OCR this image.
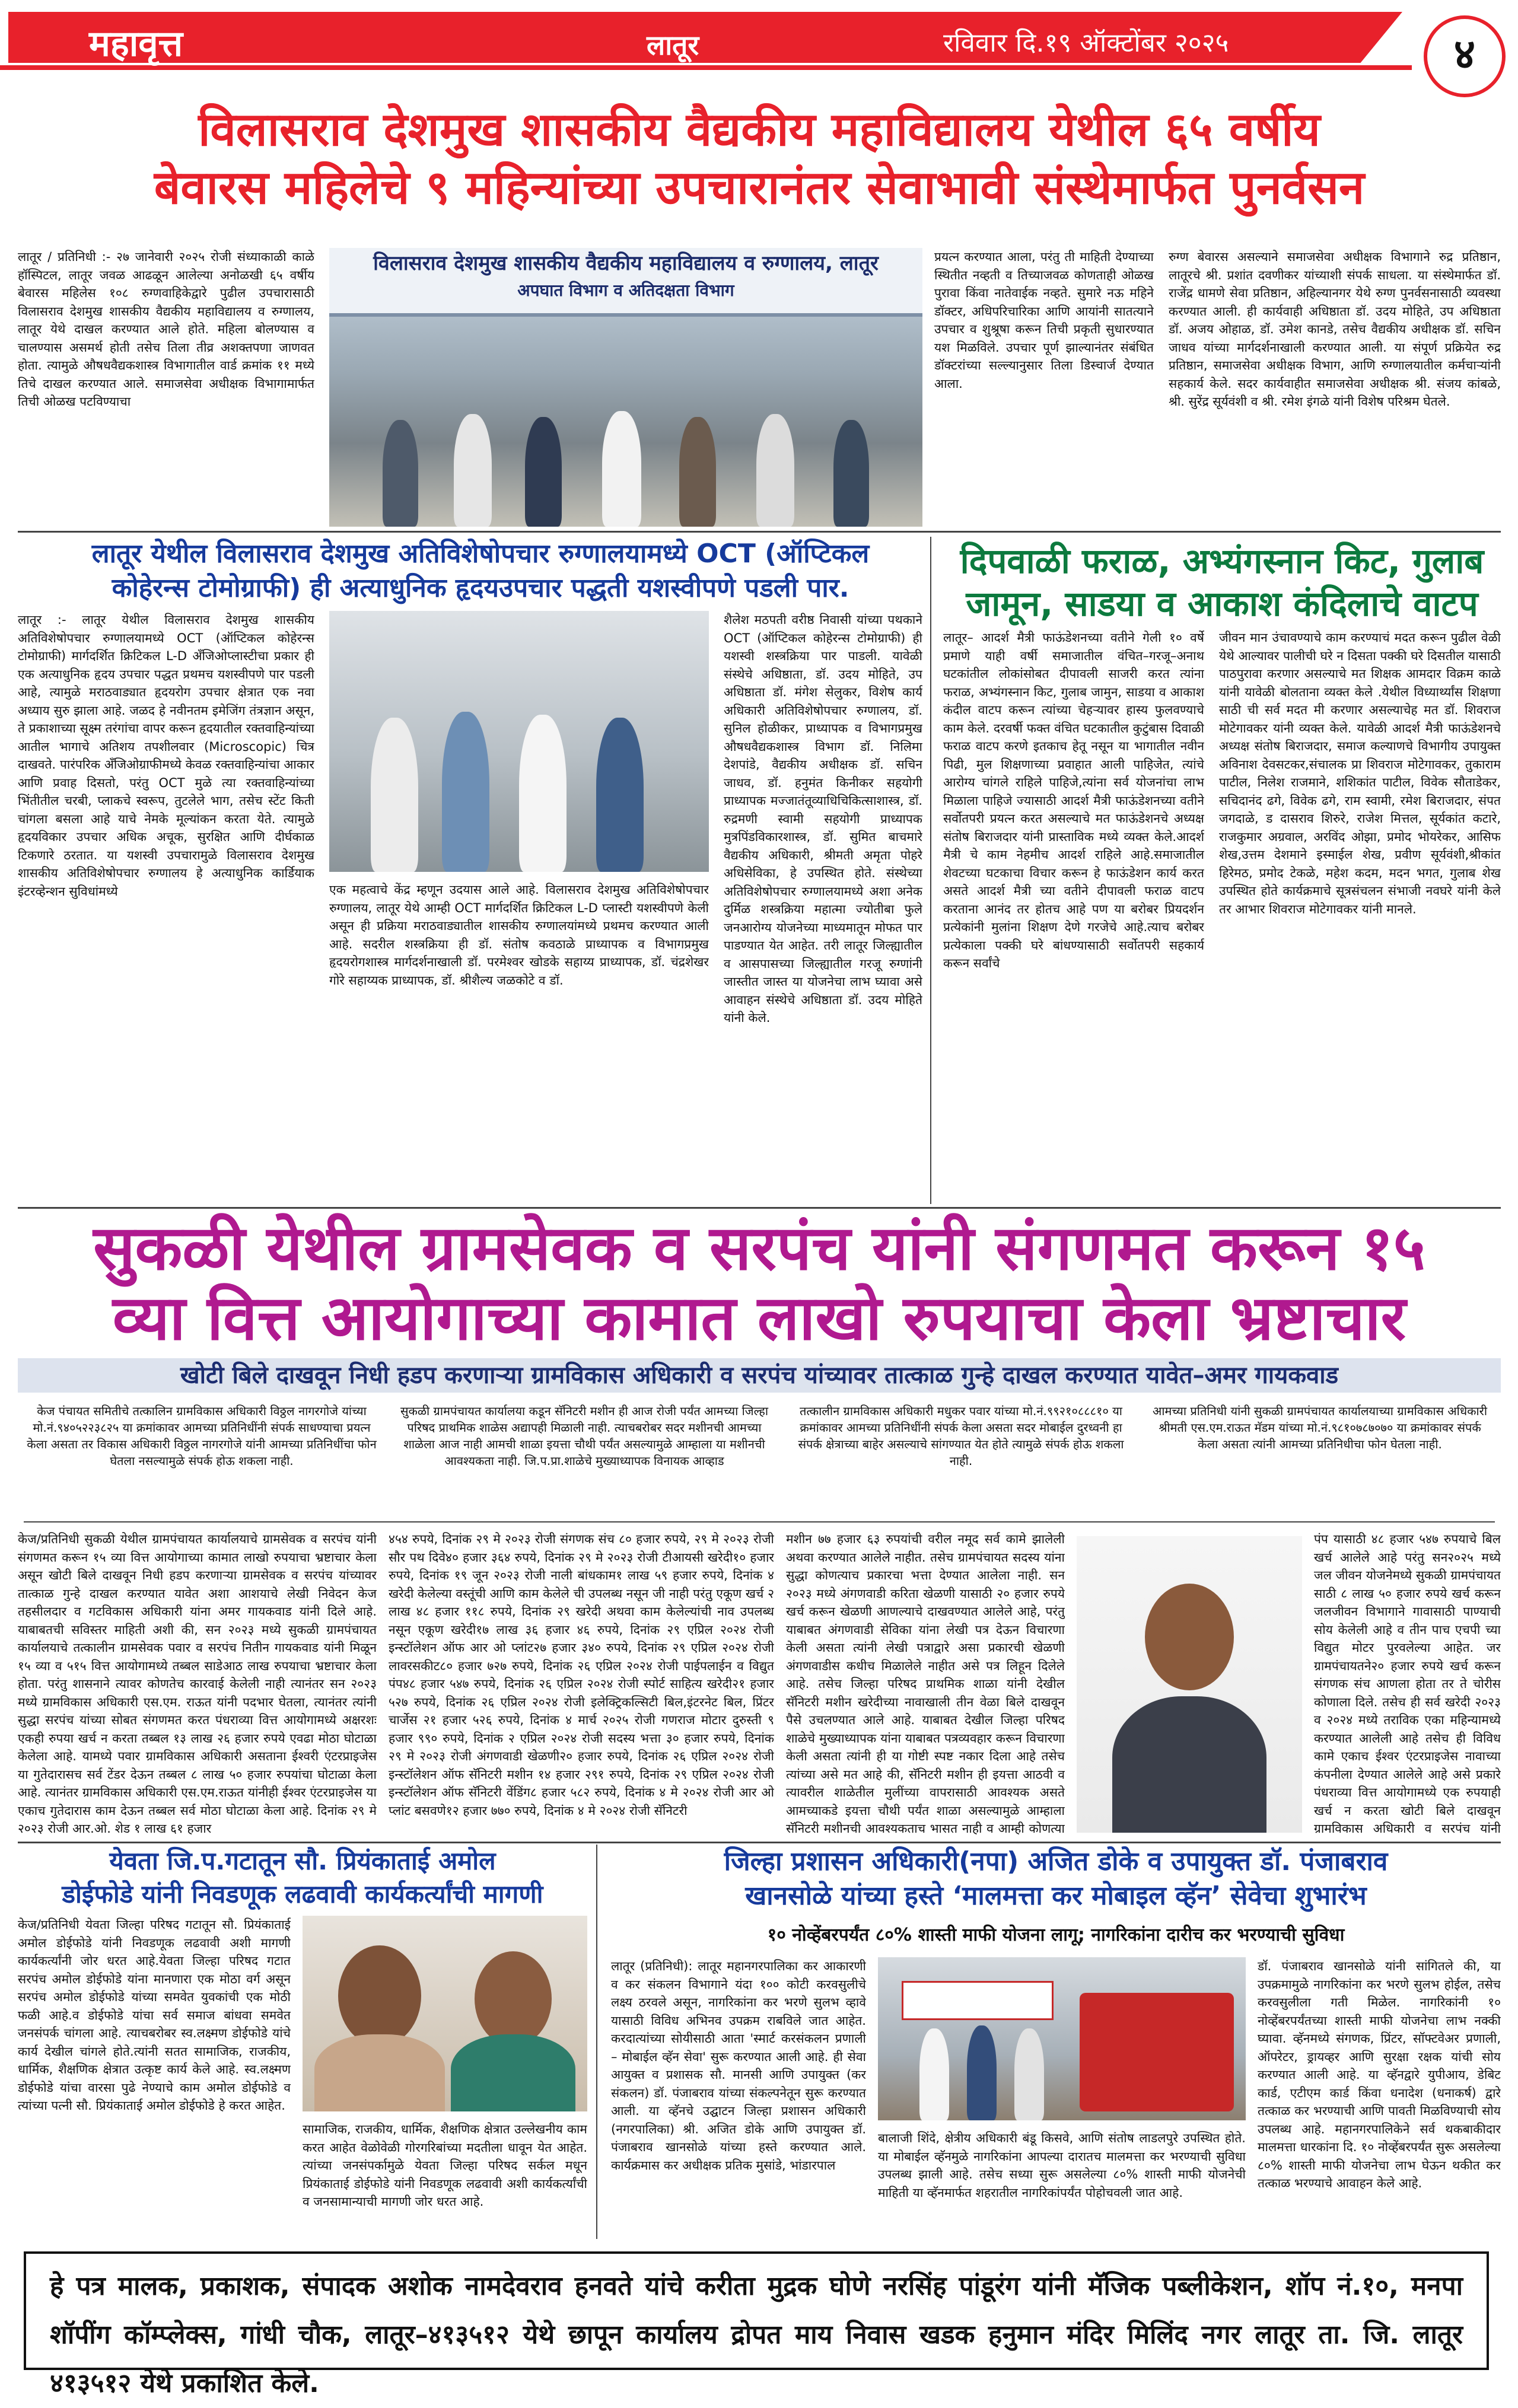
महावृत्त	लातूर	रविवार दि.१९ ऑक्टोंबर २०२५	४
विलासराव देशमुख शासकीय वैद्यकीय महाविद्यालय येथील ६५ वर्षीय
बेवारस महिलेचे ९ महिन्यांच्या उपचारानंतर सेवाभावी संस्थेमार्फत पुनर्वसन
लातूर / प्रतिनिधी :- २७ जानेवारी २०२५ रोजी संध्याकाळी काळे हॉस्पिटल, लातूर जवळ आढळून आलेल्या अनोळखी ६५ वर्षीय बेवारस महिलेस १०८ रुग्णवाहिकेद्वारे पुढील उपचारासाठी विलासराव देशमुख शासकीय वैद्यकीय महाविद्यालय व रुग्णालय, लातूर येथे दाखल करण्यात आले होते. महिला बोलण्यास व चालण्यास असमर्थ होती तसेच तिला तीव्र अशक्तपणा जाणवत होता. त्यामुळे औषधवैद्यकशास्त्र विभागातील वार्ड क्रमांक ११ मध्ये तिचे दाखल करण्यात आले. समाजसेवा अधीक्षक विभागामार्फत तिची ओळख पटविण्याचा
विलासराव देशमुख शासकीय वैद्यकीय महाविद्यालय व रुग्णालय, लातूर
अपघात विभाग व अतिदक्षता विभाग
प्रयत्न करण्यात आला, परंतु ती माहिती देण्याच्या स्थितीत नव्हती व तिच्याजवळ कोणताही ओळख पुरावा किंवा नातेवाईक नव्हते. सुमारे नऊ महिने डॉक्टर, अधिपरिचारिका आणि आयांनी सातत्याने उपचार व शुश्रूषा करून तिची प्रकृती सुधारण्यात यश मिळविले. उपचार पूर्ण झाल्यानंतर संबंधित डॉक्टरांच्या सल्ल्यानुसार तिला डिस्चार्ज देण्यात आला.
रुग्ण बेवारस असल्याने समाजसेवा अधीक्षक विभागाने रुद्र प्रतिष्ठान, लातूरचे श्री. प्रशांत दवणीकर यांच्याशी संपर्क साधला. या संस्थेमार्फत डॉ. राजेंद्र धामणे सेवा प्रतिष्ठान, अहिल्यानगर येथे रुग्ण पुनर्वसनासाठी व्यवस्था करण्यात आली. ही कार्यवाही अधिष्ठाता डॉ. उदय मोहिते, उप अधिष्ठाता डॉ. अजय ओहाळ, डॉ. उमेश कानडे, तसेच वैद्यकीय अधीक्षक डॉ. सचिन जाधव यांच्या मार्गदर्शनाखाली करण्यात आली. या संपूर्ण प्रक्रियेत रुद्र प्रतिष्ठान, समाजसेवा अधीक्षक विभाग, आणि रुग्णालयातील कर्मचाऱ्यांनी सहकार्य केले. सदर कार्यवाहीत समाजसेवा अधीक्षक श्री. संजय कांबळे, श्री. सुरेंद्र सूर्यवंशी व श्री. रमेश इंगळे यांनी विशेष परिश्रम घेतले.
लातूर येथील विलासराव देशमुख अतिविशेषोपचार रुग्णालयामध्ये OCT (ऑप्टिकल
कोहेरन्स टोमोग्राफी) ही अत्याधुनिक हृदयउपचार पद्धती यशस्वीपणे पडली पार.
लातूर :- लातूर येथील विलासराव देशमुख शासकीय अतिविशेषोपचार रुग्णालयामध्ये OCT (ऑप्टिकल कोहेरन्स टोमोग्राफी) मार्गदर्शित क्रिटिकल L-D अँजिओप्लास्टीचा प्रकार ही एक अत्याधुनिक हृदय उपचार पद्धत प्रथमच यशस्वीपणे पार पडली आहे, त्यामुळे मराठवाड्यात हृदयरोग उपचार क्षेत्रात एक नवा अध्याय सुरु झाला आहे. जळद हे नवीनतम इमेजिंग तंत्रज्ञान असून, ते प्रकाशाच्या सूक्ष्म तरंगांचा वापर करून हृदयातील रक्तवाहिन्यांच्या आतील भागाचे अतिशय तपशीलवार (Microscopic) चित्र दाखवते. पारंपरिक अँजिओग्राफीमध्ये केवळ रक्तवाहिन्यांचा आकार आणि प्रवाह दिसतो, परंतु OCT मुळे त्या रक्तवाहिन्यांच्या भिंतीतील चरबी, प्लाकचे स्वरूप, तुटलेले भाग, तसेच स्टेंट किती चांगला बसला आहे याचे नेमके मूल्यांकन करता येते. त्यामुळे हृदयविकार उपचार अधिक अचूक, सुरक्षित आणि दीर्घकाळ टिकणारे ठरतात. या यशस्वी उपचारामुळे विलासराव देशमुख शासकीय अतिविशेषोपचार रुग्णालय हे अत्याधुनिक कार्डियाक इंटरव्हेन्शन सुविधांमध्ये	एक महत्वाचे केंद्र म्हणून उदयास आले आहे. विलासराव देशमुख अतिविशेषोपचार रुग्णालय, लातूर येथे आम्ही OCT मार्गदर्शित क्रिटिकल L-D प्लास्टी यशस्वीपणे केली असून ही प्रक्रिया मराठवाड्यातील शासकीय रुग्णालयांमध्ये प्रथमच करण्यात आली आहे. सदरील शस्त्रक्रिया ही डॉ. संतोष कवठाळे प्राध्यापक व विभागप्रमुख हृदयरोगशास्त्र मार्गदर्शनाखाली डॉ. परमेश्वर खोडके सहाय्य प्राध्यापक, डॉ. चंद्रशेखर गोरे सहाय्यक प्राध्यापक, डॉ. श्रीशैल्य जळकोटे व डॉ.
शैलेश मठपती वरीष्ठ निवासी यांच्या पथकाने OCT (ऑप्टिकल कोहेरन्स टोमोग्राफी) ही यशस्वी शस्त्रक्रिया पार पाडली. यावेळी संस्थेचे अधिष्ठाता, डॉ. उदय मोहिते, उप अधिष्ठाता डॉ. मंगेश सेलुकर, विशेष कार्य अधिकारी अतिविशेषोपचार रुग्णालय, डॉ. सुनिल होळीकर, प्राध्यापक व विभागप्रमुख औषधवैद्यकशास्त्र विभाग डॉ. निलिमा देशपांडे, वैद्यकीय अधीक्षक डॉ. सचिन जाधव, डॉ. हनुमंत किनीकर सहयोगी प्राध्यापक मज्जातंतूव्याधिचिकित्साशास्त्र, डॉ. रुद्रमणी स्वामी सहयोगी प्राध्यापक मुत्रपिंडविकारशास्त्र, डॉ. सुमित बाचमारे वैद्यकीय अधिकारी, श्रीमती अमृता पोहरे अधिसेविका, हे उपस्थित होते. संस्थेच्या अतिविशेषोपचार रुग्णालयामध्ये अशा अनेक दुर्मिळ शस्त्रक्रिया महात्मा ज्योतीबा फुले जनआरोग्य योजनेच्या माध्यमातून मोफत पार पाडण्यात येत आहेत. तरी लातूर जिल्ह्यातील व आसपासच्या जिल्ह्यातील गरजू रुग्णांनी जास्तीत जास्त या योजनेचा लाभ घ्यावा असे आवाहन संस्थेचे अधिष्ठाता डॉ. उदय मोहिते यांनी केले.
दिपवाळी फराळ, अभ्यंगस्नान किट, गुलाब जामून, साडया व आकाश कंदिलाचे वाटप
लातूर– आदर्श मैत्री फाऊंडेशनच्या वतीने गेली १० वर्षे प्रमाणे याही वर्षी समाजातील वंचित–गरजू–अनाथ घटकांतील लोकांसोबत दीपावली साजरी करत त्यांना फराळ, अभ्यंगस्नान किट, गुलाब जामुन, साडया व आकाश कंदील वाटप करून त्यांच्या चेहऱ्यावर हास्य फुलवण्याचे काम केले. दरवर्षी फक्त वंचित घटकातील कुटुंबास दिवाळी फराळ वाटप करणे इतकाच हेतू नसून या भागातील नवीन पिढी, मुल शिक्षणाच्या प्रवाहात आली पाहिजेत, त्यांचे आरोग्य चांगले राहिले पाहिजे,त्यांना सर्व योजनांचा लाभ मिळाला पाहिजे ज्यासाठी आदर्श मैत्री फाऊंडेशनच्या वतीने सर्वोतपरी प्रयत्न करत असल्याचे मत फाऊंडेशनचे अध्यक्ष संतोष बिराजदार यांनी प्रास्ताविक मध्ये व्यक्त केले.आदर्श मैत्री चे काम नेहमीच आदर्श राहिले आहे.समाजातील शेवटच्या घटकाचा विचार करून हे फाऊंडेशन कार्य करत असते आदर्श मैत्री च्या वतीने दीपावली फराळ वाटप करताना आनंद तर होतच आहे पण या बरोबर प्रियदर्शन प्रत्येकांनी मुलांना शिक्षण देणे गरजेचे आहे.त्याच बरोबर प्रत्येकाला पक्की घरे बांधण्यासाठी सर्वोतपरी सहकार्य करून सर्वांचे
जीवन मान उंचावण्याचे काम करण्याचं मदत करून पुढील वेळी येथे आल्यावर पालीची घरे न दिसता पक्की घरे दिसतील यासाठी पाठपुरावा करणार असल्याचे मत शिक्षक आमदार विक्रम काळे यांनी यावेळी बोलताना व्यक्त केले .येथील विध्यार्थ्यांस शिक्षणा साठी ची सर्व मदत मी करणार असल्याचेह मत डॉ. शिवराज मोटेगावकर यांनी व्यक्त केले. यावेळी आदर्श मैत्री फाऊंडेशनचे अध्यक्ष संतोष बिराजदार, समाज कल्याणचे विभागीय उपायुक्त अविनाश देवसटकर,संचालक प्रा शिवराज मोटेगावकर, तुकाराम पाटील, निलेश राजमाने, शशिकांत पाटील, विवेक सौताडेकर, सचिदानंद ढगे, विवेक ढगे, राम स्वामी, रमेश बिराजदार, संपत जगदाळे, ड दासराव शिरुरे, राजेश मित्तल, सूर्यकांत कटारे, राजकुमार अग्रवाल, अरविंद ओझा, प्रमोद भोयरेकर, आसिफ शेख,उत्तम देशमाने इस्माईल शेख, प्रवीण सूर्यवंशी,श्रीकांत हिरेमठ, प्रमोद टेकळे, महेश कदम, मदन भगत, गुलाब शेख उपस्थित होते कार्यक्रमाचे सूत्रसंचलन संभाजी नवघरे यांनी केले तर आभार शिवराज मोटेगावकर यांनी मानले.
सुकळी येथील ग्रामसेवक व सरपंच यांनी संगणमत करून १५
व्या वित्त आयोगाच्या कामात लाखो रुपयाचा केला भ्रष्टाचार
खोटी बिले दाखवून निधी हडप करणाऱ्या ग्रामविकास अधिकारी व सरपंच यांच्यावर तात्काळ गुन्हे दाखल करण्यात यावेत–अमर गायकवाड
केज पंचायत समितीचे तत्कालिन ग्रामविकास अधिकारी विठ्ठल नागरगोजे यांच्या मो.नं.९४०५२२३८२५ या क्रमांकावर आमच्या प्रतिनिधींनी संपर्क साधण्याचा प्रयत्न केला असता तर विकास अधिकारी विठ्ठल नागरगोजे यांनी आमच्या प्रतिनिधींचा फोन घेतला नसल्यामुळे संपर्क होऊ शकला नाही.
सुकळी ग्रामपंचायत कार्यालया कडून सॅनिटरी मशीन ही आज रोजी पर्यंत आमच्या जिल्हा परिषद प्राथमिक शाळेस अद्यापही मिळाली नाही. त्याचबरोबर सदर मशीनची आमच्या शाळेला आज नाही आमची शाळा इयत्ता चौथी पर्यंत असल्यामुळे आम्हाला या मशीनची आवश्यकता नाही. जि.प.प्रा.शाळेचे मुख्याध्यापक विनायक आव्हाड
तत्कालीन ग्रामविकास अधिकारी मधुकर पवार यांच्या मो.नं.९९२१०८८८१० या क्रमांकावर आमच्या प्रतिनिधींनी संपर्क केला असता सदर मोबाईल दुरध्वनी हा संपर्क क्षेत्राच्या बाहेर असल्याचे सांगण्यात येत होते त्यामुळे संपर्क होऊ शकला नाही.
आमच्या प्रतिनिधी यांनी सुकळी ग्रामपंचायत कार्यालयाच्या ग्रामविकास अधिकारी श्रीमती एस.एम.राऊत मॅडम यांच्या मो.नं.९८१०७८७०७० या क्रमांकावर संपर्क केला असता त्यांनी आमच्या प्रतिनिधीचा फोन घेतला नाही.
केज/प्रतिनिधी सुकळी येथील ग्रामपंचायत कार्यालयाचे ग्रामसेवक व सरपंच यांनी संगणमत करून १५ व्या वित्त आयोगाच्या कामात लाखो रुपयाचा भ्रष्टाचार केला असून खोटी बिले दाखवून निधी हडप करणाऱ्या ग्रामसेवक व सरपंच यांच्यावर तात्काळ गुन्हे दाखल करण्यात यावेत अशा आशयाचे लेखी निवेदन केज तहसीलदार व गटविकास अधिकारी यांना अमर गायकवाड यांनी दिले आहे. याबाबतची सविस्तर माहिती अशी की, सन २०२३ मध्ये सुकळी ग्रामपंचायत कार्यालयाचे तत्कालीन ग्रामसेवक पवार व सरपंच नितीन गायकवाड यांनी मिळून १५ व्या व ५१५ वित्त आयोगामध्ये तब्बल साडेआठ लाख रुपयाचा भ्रष्टाचार केला होता. परंतु शासनाने त्यावर कोणतेच कारवाई केलेली नाही त्यानंतर सन २०२३ मध्ये ग्रामविकास अधिकारी एस.एम. राऊत यांनी पदभार घेतला, त्यानंतर त्यांनी सुद्धा सरपंच यांच्या सोबत संगणमत करत पंधराव्या वित्त आयोगामध्ये अक्षरशः एकही रुपया खर्च न करता तब्बल १३ लाख २६ हजार रुपये एवढा मोठा घोटाळा केलेला आहे. यामध्ये पवार ग्रामविकास अधिकारी असताना ईश्वरी एंटरप्राइजेस या गुतेदारासच सर्व टेंडर देऊन तब्बल ८ लाख ५० हजार रुपयांचा घोटाळा केला आहे. त्यानंतर ग्रामविकास अधिकारी एस.एम.राऊत यांनीही ईश्वर एंटरप्राइजेस या एकाच गुतेदारास काम देऊन तब्बल सर्व मोठा घोटाळा केला आहे. दिनांक २९ मे २०२३ रोजी आर.ओ. शेड १ लाख ६१ हजार
४५४ रुपये, दिनांक २९ मे २०२३ रोजी संगणक संच ८० हजार रुपये, २९ मे २०२३ रोजी सौर पथ दिवे४० हजार ३६४ रुपये, दिनांक २९ मे २०२३ रोजी टीआयसी खरेदी१० हजार रुपये, दिनांक १९ जून २०२३ रोजी नाली बांधकाम१ लाख ५९ हजार रुपये, दिनांक ४ खरेदी केलेल्या वस्तूंची आणि काम केलेले ची उपलब्ध नसून जी नाही परंतु एकूण खर्च २ लाख ४८ हजार ११८ रुपये, दिनांक २९ खरेदी अथवा काम केलेल्यांची नाव उपलब्ध नसून एकूण खरेदी१७ लाख ३६ हजार ४६ रुपये, दिनांक २९ एप्रिल २०२४ रोजी इन्स्टॉलेशन ऑफ आर ओ प्लांट२७ हजार ३४० रुपये, दिनांक २९ एप्रिल २०२४ रोजी लावरसकीट८० हजार ७२७ रुपये, दिनांक २६ एप्रिल २०२४ रोजी पाईपलाईन व विद्युत पंप४८ हजार ५४७ रुपये, दिनांक २६ एप्रिल २०२४ रोजी स्पोर्ट साहित्य खरेदी२१ हजार ५२७ रुपये, दिनांक २६ एप्रिल २०२४ रोजी इलेक्ट्रिकल्सिटी बिल,इंटरनेट बिल, प्रिंटर चार्जेस २१ हजार ५२६ रुपये, दिनांक ४ मार्च २०२५ रोजी गणराज मोटार दुरुस्ती ९ हजार ९९० रुपये, दिनांक २ एप्रिल २०२४ रोजी सदस्य भत्ता ३० हजार रुपये, दिनांक २९ मे २०२३ रोजी अंगणवाडी खेळणी२० हजार रुपये, दिनांक २६ एप्रिल २०२४ रोजी इन्स्टॉलेशन ऑफ सॅनिटरी मशीन १४ हजार २९१ रुपये, दिनांक २९ एप्रिल २०२४ रोजी इन्स्टॉलेशन ऑफ सॅनिटरी वेंडिंग८ हजार ५८२ रुपये, दिनांक ४ मे २०२४ रोजी आर ओ प्लांट बसवणे१२ हजार ७७० रुपये, दिनांक ४ मे २०२४ रोजी सॅनिटरी
मशीन ७७ हजार ६३ रुपयांची वरील नमूद सर्व कामे झालेली अथवा करण्यात आलेले नाहीत. तसेच ग्रामपंचायत सदस्य यांना सुद्धा कोणत्याच प्रकारचा भत्ता देण्यात आलेला नाही. सन २०२३ मध्ये अंगणवाडी करिता खेळणी यासाठी २० हजार रुपये खर्च करून खेळणी आणल्याचे दाखवण्यात आलेले आहे, परंतु याबाबत अंगणवाडी सेविका यांना लेखी पत्र देऊन विचारणा केली असता त्यांनी लेखी पत्राद्वारे असा प्रकारची खेळणी अंगणवाडीस कधीच मिळालेले नाहीत असे पत्र लिहून दिलेले आहे. तसेच जिल्हा परिषद प्राथमिक शाळा यांनी देखील सॅनिटरी मशीन खरेदीच्या नावाखाली तीन वेळा बिले दाखवून पैसे उचलण्यात आले आहे. याबाबत देखील जिल्हा परिषद शाळेचे मुख्याध्यापक यांना याबाबत पत्रव्यवहार करून विचारणा केली असता त्यांनी ही या गोष्टी स्पष्ट नकार दिला आहे तसेच त्यांच्या असे मत आहे की, सॅनिटरी मशीन ही इयत्ता आठवी व त्यावरील शाळेतील मुलींच्या वापरासाठी आवश्यक असते आमच्याकडे इयत्ता चौथी पर्यंत शाळा असल्यामुळे आम्हाला सॅनिटरी मशीनची आवश्यकताच भासत नाही व आम्ही कोणत्या
पंप यासाठी ४८ हजार ५४७ रुपयाचे बिल खर्च आलेले आहे परंतु सन२०२५ मध्ये जल जीवन योजनेमध्ये सुकळी ग्रामपंचायत साठी ८ लाख ५० हजार रुपये खर्च करून जलजीवन विभागाने गावासाठी पाण्याची सोय केलेली आहे व तीन पाच एचपी च्या विद्युत मोटर पुरवलेल्या आहेत. जर ग्रामपंचायतने२० हजार रुपये खर्च करून संगणक संच आणला होता तर ते चोरीस कोणाला दिले. तसेच ही सर्व खरेदी २०२३ व २०२४ मध्ये तराविक एका महिन्यामध्ये करण्यात आलेली आहे तसेच ही विविध कामे एकाच ईश्वर एंटरप्राइजेस नावाच्या कंपनीला देण्यात आलेले आहे असे प्रकारे पंधराव्या वित्त आयोगामध्ये एक रुपयाही खर्च न करता खोटी बिले दाखवून ग्रामविकास अधिकारी व सरपंच यांनी
येवता जि.प.गटातून सौ. प्रियंकाताई अमोल
डोईफोडे यांनी निवडणूक लढवावी कार्यकर्त्यांची मागणी
केज/प्रतिनिधी येवता जिल्हा परिषद गटातून सौ. प्रियंकाताई अमोल डोईफोडे यांनी निवडणूक लढवावी अशी मागणी कार्यकर्त्यांनी जोर धरत आहे.येवता जिल्हा परिषद गटात सरपंच अमोल डोईफोडे यांना मानणारा एक मोठा वर्ग असून सरपंच अमोल डोईफोडे यांच्या समवेत युवकांची एक मोठी फळी आहे.व डोईफोडे यांचा सर्व समाज बांधवा समवेत जनसंपर्क चांगला आहे. त्याचबरोबर स्व.लक्ष्मण डोईफोडे यांचे कार्य देखील चांगले होते.त्यांनी सतत सामाजिक, राजकीय, धार्मिक, शैक्षणिक क्षेत्रात उत्कृष्ट कार्य केले आहे. स्व.लक्ष्मण डोईफोडे यांचा वारसा पुढे नेण्याचे काम अमोल डोईफोडे व त्यांच्या पत्नी सौ. प्रियंकाताई अमोल डोईफोडे हे करत आहेत.
सामाजिक, राजकीय, धार्मिक, शैक्षणिक क्षेत्रात उल्लेखनीय काम करत आहेत वेळोवेळी गोरगरिबांच्या मदतीला धावून येत आहेत. त्यांच्या जनसंपर्कामुळे येवता जिल्हा परिषद सर्कल मधून प्रियंकाताई डोईफोडे यांनी निवडणूक लढवावी अशी कार्यकर्त्यांची व जनसामान्याची मागणी जोर धरत आहे.
जिल्हा प्रशासन अधिकारी(नपा) अजित डोके व उपायुक्त डॉ. पंजाबराव
खानसोळे यांच्या हस्ते ‘मालमत्ता कर मोबाइल व्हॅन’ सेवेचा शुभारंभ
१० नोव्हेंबरपर्यंत ८०% शास्ती माफी योजना लागू; नागरिकांना दारीच कर भरण्याची सुविधा
लातूर (प्रतिनिधी): लातूर महानगरपालिका कर आकारणी व कर संकलन विभागाने यंदा १०० कोटी करवसुलीचे लक्ष्य ठरवले असून, नागरिकांना कर भरणे सुलभ व्हावे यासाठी विविध अभिनव उपक्रम राबविले जात आहेत. करदात्यांच्या सोयीसाठी आता 'स्मार्ट करसंकलन प्रणाली – मोबाईल व्हॅन सेवा' सुरू करण्यात आली आहे. ही सेवा आयुक्त व प्रशासक सौ. मानसी आणि उपायुक्त (कर संकलन) डॉ. पंजाबराव यांच्या संकल्पनेतून सुरू करण्यात आली. या व्हॅनचे उद्घाटन जिल्हा प्रशासन अधिकारी (नगरपालिका) श्री. अजित डोके आणि उपायुक्त डॉ. पंजाबराव खानसोळे यांच्या हस्ते करण्यात आले. कार्यक्रमास कर अधीक्षक प्रतिक मुसांडे, भांडारपाल
बालाजी शिंदे, क्षेत्रीय अधिकारी बंडू किसवे, आणि संतोष लाडलपुरे उपस्थित होते. या मोबाईल व्हॅनमुळे नागरिकांना आपल्या दारातच मालमत्ता कर भरण्याची सुविधा उपलब्ध झाली आहे. तसेच सध्या सुरू असलेल्या ८०% शास्ती माफी योजनेची माहिती या व्हॅनमार्फत शहरातील नागरिकांपर्यंत पोहोचवली जात आहे.
डॉ. पंजाबराव खानसोळे यांनी सांगितले की, या उपक्रमामुळे नागरिकांना कर भरणे सुलभ होईल, तसेच करवसुलीला गती मिळेल. नागरिकांनी १० नोव्हेंबरपर्यंतच्या शास्ती माफी योजनेचा लाभ नक्की घ्यावा. व्हॅनमध्ये संगणक, प्रिंटर, सॉफ्टवेअर प्रणाली, ऑपरेटर, ड्रायव्हर आणि सुरक्षा रक्षक यांची सोय करण्यात आली आहे. या व्हॅनद्वारे युपीआय, डेबिट कार्ड, एटीएम कार्ड किंवा धनादेश (धनाकर्ष) द्वारे तत्काळ कर भरण्याची आणि पावती मिळविण्याची सोय उपलब्ध आहे. महानगरपालिकेने सर्व थकबाकीदार मालमत्ता धारकांना दि. १० नोव्हेंबरपर्यंत सुरू असलेल्या ८०% शास्ती माफी योजनेचा लाभ घेऊन थकीत कर तत्काळ भरण्याचे आवाहन केले आहे.
हे पत्र मालक, प्रकाशक, संपादक अशोक नामदेवराव हनवते यांचे करीता मुद्रक घोणे नरसिंह पांडूरंग यांनी मॅजिक पब्लीकेशन, शॉप नं.१०, मनपा शॉपींग कॉम्प्लेक्स, गांधी चौक, लातूर–४१३५१२ येथे छापून कार्यालय द्रोपत माय निवास खडक हनुमान मंदिर मिलिंद नगर लातूर ता. जि. लातूर ४१३५१२ येथे प्रकाशित केले.
